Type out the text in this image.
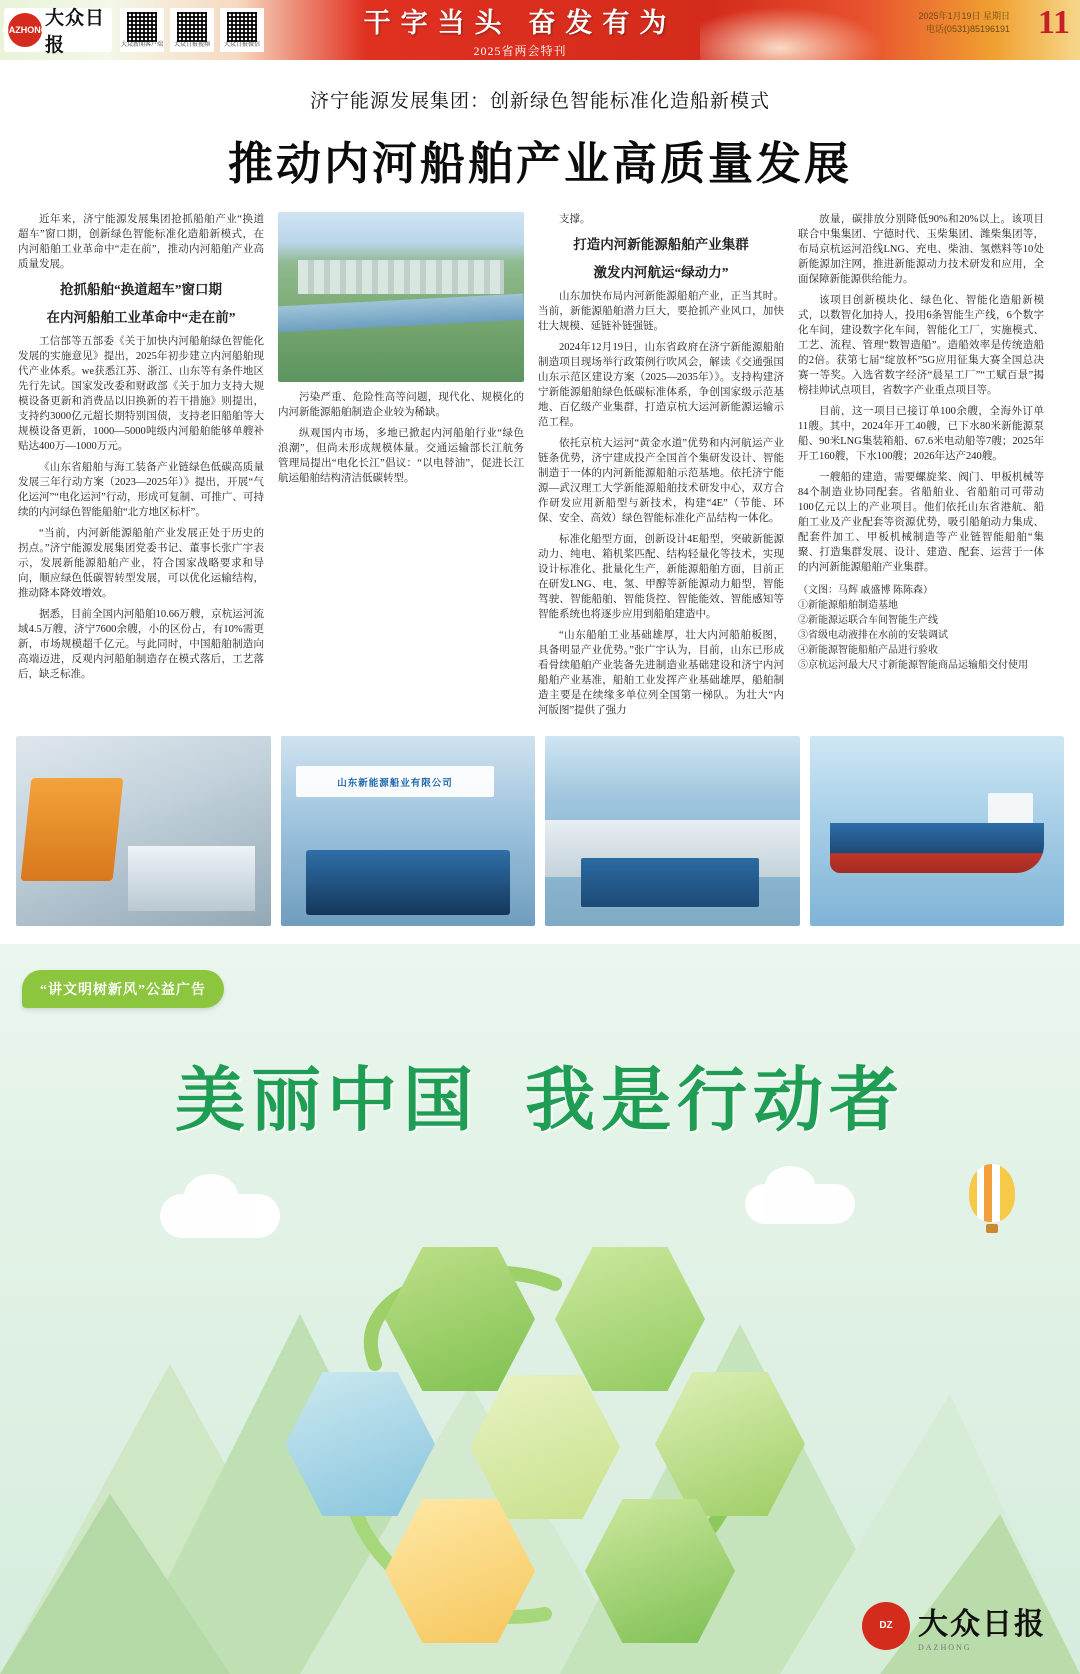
DAZHONG
大众日报	大众新闻客户端 大众日报视频 大众日报微信
干字当头 奋发有为
2025省两会特刊
2025年1月19日 星期日
电话(0531)85196191 11
济宁能源发展集团：创新绿色智能标准化造船新模式
推动内河船舶产业高质量发展

近年来，济宁能源发展集团抢抓船舶产业“换道超车”窗口期，创新绿色智能标准化造船新模式，在内河船舶工业革命中“走在前”，推动内河船舶产业高质量发展。

抢抓船舶“换道超车”窗口期
在内河船舶工业革命中“走在前”

工信部等五部委《关于加快内河船舶绿色智能化发展的实施意见》提出，2025年初步建立内河船舶现代产业体系。we获悉江苏、浙江、山东等有条件地区先行先试。国家发改委和财政部《关于加力支持大规模设备更新和消费品以旧换新的若干措施》则提出，支持约3000亿元超长期特别国债，支持老旧船舶等大规模设备更新，1000—5000吨级内河船舶能够单艘补贴达400万—1000万元。

《山东省船舶与海工装备产业链绿色低碳高质量发展三年行动方案（2023—2025年）》提出，开展“气化运河”“电化运河”行动，形成可复制、可推广、可持续的内河绿色智能船舶“北方地区标杆”。

“当前，内河新能源船舶产业发展正处于历史的拐点。”济宁能源发展集团党委书记、董事长张广宇表示，发展新能源船舶产业，符合国家战略要求和导向，顺应绿色低碳智转型发展，可以优化运输结构，推动降本降效增效。

据悉，目前全国内河船舶10.66万艘，京杭运河流域4.5万艘，济宁7600余艘，小的区份占，有10%需更新，市场规模超千亿元。与此同时，中国船舶制造向高端迈进，反观内河船舶制造存在模式落后，工艺落后，缺乏标准。

污染严重、危险性高等问题，现代化、规模化的内河新能源船舶制造企业较为稀缺。

纵观国内市场，多地已掀起内河船舶行业“绿色浪潮”，但尚未形成规模体量。交通运输部长江航务管理局提出“电化长江”倡议：“以电替油”，促进长江航运船舶结构清洁低碳转型。

支撑。

打造内河新能源船舶产业集群
激发内河航运“绿动力”

山东加快布局内河新能源船舶产业，正当其时。当前，新能源船舶潜力巨大，要抢抓产业风口，加快壮大规模、延链补链强链。

2024年12月19日，山东省政府在济宁新能源船舶制造项目现场举行政策例行吹风会，解读《交通强国山东示范区建设方案（2025—2035年）》。支持构建济宁新能源船舶绿色低碳标准体系，争创国家级示范基地、百亿级产业集群，打造京杭大运河新能源运输示范工程。

依托京杭大运河“黄金水道”优势和内河航运产业链条优势，济宁建成投产全国首个集研发设计、智能制造于一体的内河新能源船舶示范基地。依托济宁能源—武汉理工大学新能源船舶技术研发中心，双方合作研发应用新船型与新技术，构建“4E”（节能、环保、安全、高效）绿色智能标准化产品结构一体化。

标准化船型方面，创新设计4E船型，突破新能源动力、纯电、箱机桨匹配、结构轻量化等技术，实现设计标准化、批量化生产，新能源船舶方面，目前正在研发LNG、电、氢、甲醇等新能源动力船型，智能驾驶、智能船舶、智能货控、智能能效、智能感知等智能系统也将逐步应用到船舶建造中。

“山东船舶工业基础雄厚，壮大内河船舶板图，具备明显产业优势。”张广宇认为，目前，山东已形成看骨续船舶产业装备先进制造业基础建设和济宁内河船舶产业基准，船舶工业发挥产业基础雄厚，船舶制造主要是在续缘多单位列全国第一梯队。为壮大“内河版图”提供了强力

放量，碳排放分别降低90%和20%以上。该项目联合中集集团、宁德时代、玉柴集团、潍柴集团等，布局京杭运河沿线LNG、充电、柴油、氢燃料等10处新能源加注网，推进新能源动力技术研发和应用，全面保障新能源供给能力。

该项目创新模块化、绿色化、智能化造船新模式，以数智化加持人，投用6条智能生产线，6个数字化车间，建设数字化车间，智能化工厂，实施模式、工艺、流程、管理“数智造船”。造船效率是传统造船的2倍。获第七届“绽放杯”5G应用征集大赛全国总决赛一等奖。入选省数字经济“晨星工厂”“工赋百景”揭榜挂帅试点项目，省数字产业重点项目等。

目前，这一项目已接订单100余艘，全海外订单11艘。其中，2024年开工40艘，已下水80米新能源泵船、90米LNG集装箱船、67.6米电动船等7艘；2025年开工160艘，下水100艘；2026年达产240艘。

一艘船的建造，需要螺旋桨、阀门、甲板机械等84个制造业协同配套。省船舶业、省船舶司可带动100亿元以上的产业项目。他们依托山东省港航、船舶工业及产业配套等资源优势，吸引船舶动力集成、配套件加工、甲板机械制造等产业链智能船舶“集聚、打造集群发展、设计、建造、配套、运营于一体的内河新能源船舶产业集群。

（文图：马辉 戚盛博 陈陈森）
①新能源船舶制造基地
②新能源运联合车间智能生产线
③省级电动液排在水前的安装调试
④新能源智能船舶产品进行验收
⑤京杭运河最大尺寸新能源智能商品运输船交付使用
山东新能源船业有限公司
“讲文明树新风”公益广告
美丽中国 我是行动者
DZ 大众日报
DAZHONG
